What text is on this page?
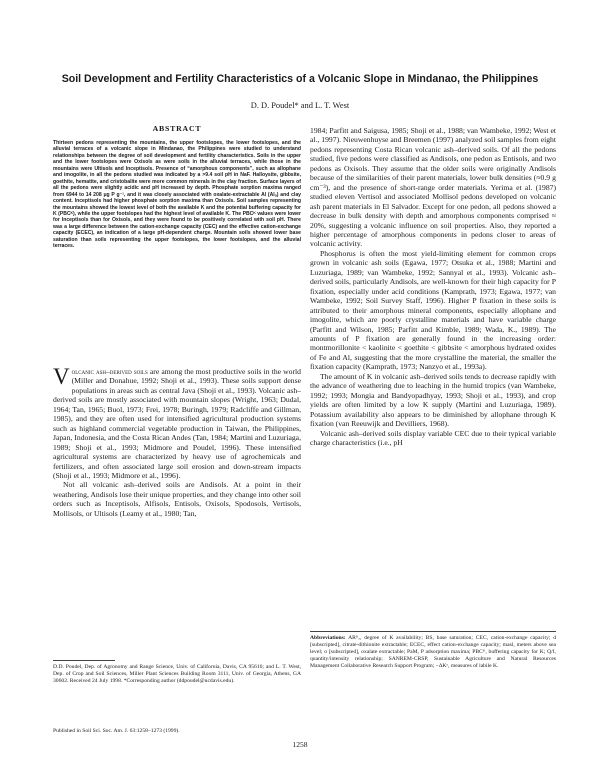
Soil Development and Fertility Characteristics of a Volcanic Slope in Mindanao, the Philippines

D. D. Poudel* and L. T. West

ABSTRACT

Thirteen pedons representing the mountains, the upper footslopes, the lower footslopes, and the alluvial terraces of a volcanic slope in Mindanao, the Philippines were studied to understand relationships between the degree of soil development and fertility characteristics. Soils in the upper and the lower footslopes were Oxisols as were soils in the alluvial terraces, while those in the mountains were Ultisols and Inceptisols. Presence of “amorphous components”, such as allophane and imogolite, in all the pedons studied was indicated by a >9.4 soil pH in NaF. Halloysite, gibbsite, goethite, hematite, and cristobalite were more common minerals in the clay fraction. Surface layers of all the pedons were slightly acidic and pH increased by depth. Phosphate sorption maxima ranged from 6944 to 14 208 μg P g⁻¹, and it was closely associated with oxalate-extractable Al (Alₒ) and clay content. Inceptisols had higher phosphate sorption maxima than Oxisols. Soil samples representing the mountains showed the lowest level of both the available K and the potential buffering capacity for K (PBCᴷ), while the upper footslopes had the highest level of available K. The PBCᴷ values were lower for Inceptisols than for Oxisols, and they were found to be positively correlated with soil pH. There was a large difference between the cation-exchange capacity (CEC) and the effective cation-exchange capacity (ECEC), an indication of a large pH-dependent charge. Mountain soils showed lower base saturation than soils representing the upper footslopes, the lower footslopes, and the alluvial terraces.

Volcanic ash–derived soils are among the most productive soils in the world (Miller and Donahue, 1992; Shoji et al., 1993). These soils support dense populations in areas such as central Java (Shoji et al., 1993). Volcanic ash–derived soils are mostly associated with mountain slopes (Wright, 1963; Dudal, 1964; Tan, 1965; Buol, 1973; Frei, 1978; Buringh, 1979; Radcliffe and Gillman, 1985), and they are often used for intensified agricultural production systems such as highland commercial vegetable production in Taiwan, the Philippines, Japan, Indonesia, and the Costa Rican Andes (Tan, 1984; Martini and Luzuriaga, 1989; Shoji et al., 1993; Midmore and Poudel, 1996). These intensified agricultural systems are characterized by heavy use of agrochemicals and fertilizers, and often associated large soil erosion and down-stream impacts (Shoji et al., 1993; Midmore et al., 1996).

Not all volcanic ash–derived soils are Andisols. At a point in their weathering, Andisols lose their unique properties, and they change into other soil orders such as Inceptisols, Alfisols, Entisols, Oxisols, Spodosols, Vertisols, Mollisols, or Ultisols (Leamy et al., 1980; Tan,

D.D. Poudel, Dep. of Agronomy and Range Science, Univ. of California, Davis, CA 95616; and L. T. West, Dep. of Crop and Soil Sciences, Miller Plant Sciences Building Room 3111, Univ. of Georgia, Athens, GA 30602. Received 24 July 1998. *Corresponding author (ddpoudel@ucdavis.edu).

Published in Soil Sci. Soc. Am. J. 63:1258–1273 (1999).

1984; Parfitt and Saigusa, 1985; Shoji et al., 1988; van Wambeke, 1992; West et al., 1997). Nieuwenhuyse and Breemen (1997) analyzed soil samples from eight pedons representing Costa Rican volcanic ash–derived soils. Of all the pedons studied, five pedons were classified as Andisols, one pedon as Entisols, and two pedons as Oxisols. They assume that the older soils were originally Andisols because of the similarities of their parent materials, lower bulk densities (≈0.9 g cm⁻³), and the presence of short-range order materials. Yerima et al. (1987) studied eleven Vertisol and associated Mollisol pedons developed on volcanic ash parent materials in El Salvador. Except for one pedon, all pedons showed a decrease in bulk density with depth and amorphous components comprised ≈ 20%, suggesting a volcanic influence on soil properties. Also, they reported a higher percentage of amorphous components in pedons closer to areas of volcanic activity.

Phosphorus is often the most yield-limiting element for common crops grown in volcanic ash soils (Egawa, 1977; Otsuka et al., 1988; Martini and Luzuriaga, 1989; van Wambeke, 1992; Sannyal et al., 1993). Volcanic ash–derived soils, particularly Andisols, are well-known for their high capacity for P fixation, especially under acid conditions (Kamprath, 1973; Egawa, 1977; van Wambeke, 1992; Soil Survey Staff, 1996). Higher P fixation in these soils is attributed to their amorphous mineral components, especially allophane and imogolite, which are poorly crystalline materials and have variable charge (Parfitt and Wilson, 1985; Parfitt and Kimble, 1989; Wada, K., 1989). The amounts of P fixation are generally found in the increasing order: montmorillonite < kaolinite < goethite < gibbsite < amorphous hydrated oxides of Fe and Al, suggesting that the more crystalline the material, the smaller the fixation capacity (Kamprath, 1973; Nanzyo et al., 1993a).

The amount of K in volcanic ash–derived soils tends to decrease rapidly with the advance of weathering due to leaching in the humid tropics (van Wambeke, 1992; 1993; Mongia and Bandyopadhyay, 1993; Shoji et al., 1993), and crop yields are often limited by a low K supply (Martini and Luzuriaga, 1989). Potassium availability also appears to be diminished by allophane through K fixation (van Reeuwijk and Devilliers, 1968).

Volcanic ash–derived soils display variable CEC due to their typical variable charge characteristics (i.e., pH

Abbreviations: ARᴷₒ, degree of K availability; BS, base saturation; CEC, cation-exchange capacity; d [subscripted], citrate-dithionite extractable; ECEC, effect cation-exchange capacity; masl, meters above sea level; o [subscripted], oxalate extractable; PaM, P adsorption maxima; PBCᴷ, buffering capacity for K; Q/I, quantity/intensity relationship; SANREM-CRSP, Sustainable Agriculture and Natural Resources Management Collaborative Research Support Program; −ΔKᵒ, measures of labile K.

1258
